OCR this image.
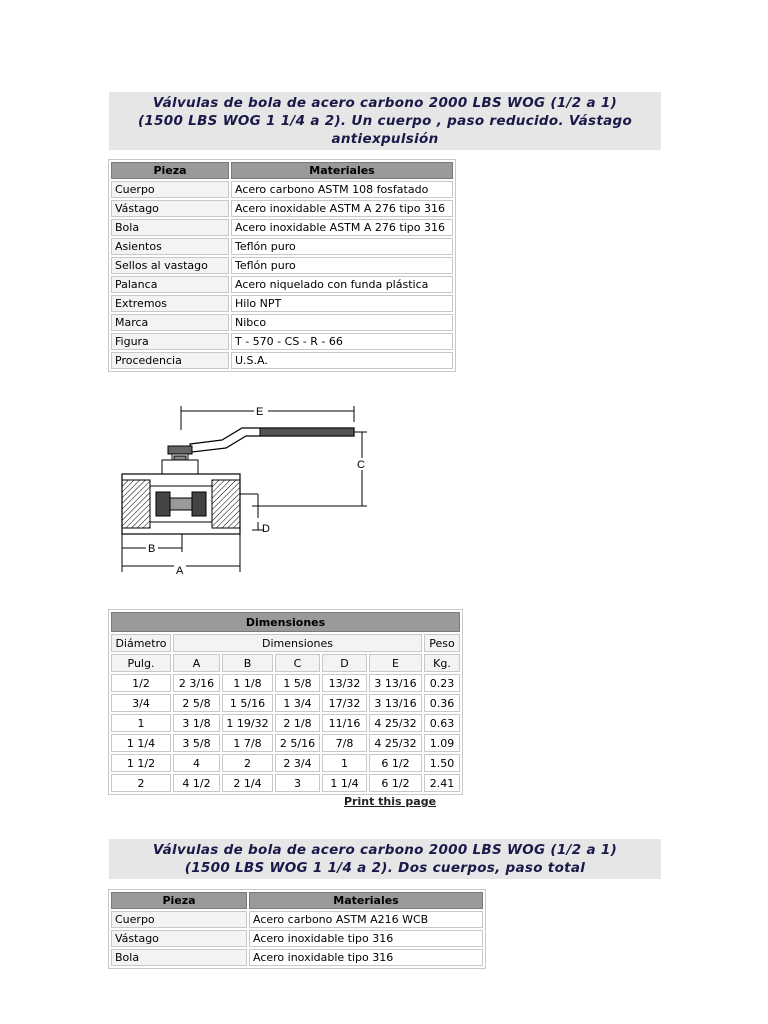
Válvulas de bola de acero carbono 2000 LBS WOG (1/2 a 1)
(1500 LBS WOG 1 1/4 a 2). Un cuerpo , paso reducido. Vástago
antiexpulsión
Pieza	Materiales
Cuerpo	Acero carbono ASTM 108 fosfatado
Vástago	Acero inoxidable ASTM A 276 tipo 316
Bola	Acero inoxidable ASTM A 276 tipo 316
Asientos	Teflón puro
Sellos al vastago	Teflón puro
Palanca	Acero niquelado con funda plástica
Extremos	Hilo NPT
Marca	Nibco
Figura	T - 570 - CS - R - 66
Procedencia	U.S.A.
E
C
D
B
A
Dimensiones						
Diámetro	Dimensiones					Peso
Pulg.	A	B	C	D	E	Kg.
1/2	2 3/16	1 1/8	1 5/8	13/32	3 13/16	0.23
3/4	2 5/8	1 5/16	1 3/4	17/32	3 13/16	0.36
1	3 1/8	1 19/32	2 1/8	11/16	4 25/32	0.63
1 1/4	3 5/8	1 7/8	2 5/16	7/8	4 25/32	1.09
1 1/2	4	2	2 3/4	1	6 1/2	1.50
2	4 1/2	2 1/4	3	1 1/4	6 1/2	2.41
Print this page
Válvulas de bola de acero carbono 2000 LBS WOG (1/2 a 1)
(1500 LBS WOG 1 1/4 a 2). Dos cuerpos, paso total
Pieza	Materiales
Cuerpo	Acero carbono ASTM A216 WCB
Vástago	Acero inoxidable tipo 316
Bola	Acero inoxidable tipo 316
